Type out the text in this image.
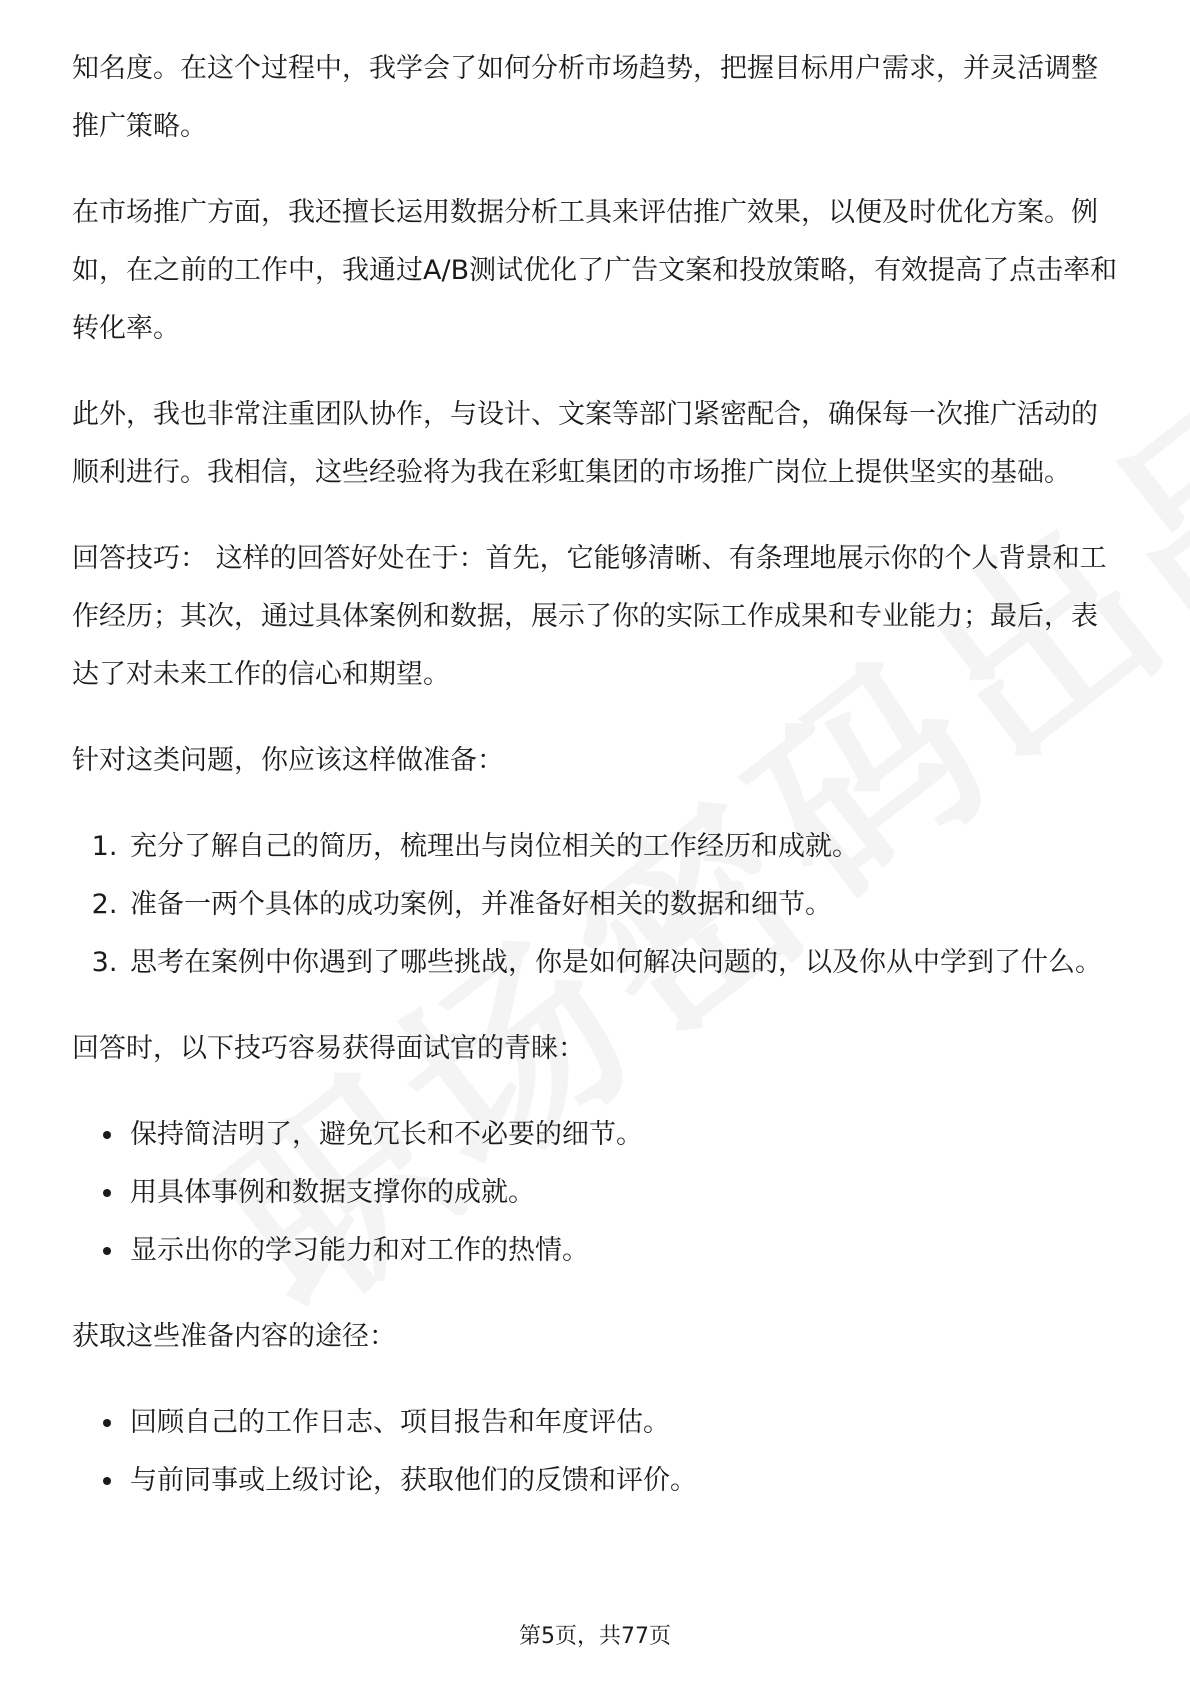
知名度。在这个过程中，我学会了如何分析市场趋势，把握目标用户需求，并灵活调整推广策略。

在市场推广方面，我还擅长运用数据分析工具来评估推广效果，以便及时优化方案。例如，在之前的工作中，我通过A/B测试优化了广告文案和投放策略，有效提高了点击率和转化率。

此外，我也非常注重团队协作，与设计、文案等部门紧密配合，确保每一次推广活动的顺利进行。我相信，这些经验将为我在彩虹集团的市场推广岗位上提供坚实的基础。

回答技巧： 这样的回答好处在于：首先，它能够清晰、有条理地展示你的个人背景和工作经历；其次，通过具体案例和数据，展示了你的实际工作成果和专业能力；最后，表达了对未来工作的信心和期望。

针对这类问题，你应该这样做准备：

1. 充分了解自己的简历，梳理出与岗位相关的工作经历和成就。
2. 准备一两个具体的成功案例，并准备好相关的数据和细节。
3. 思考在案例中你遇到了哪些挑战，你是如何解决问题的，以及你从中学到了什么。

回答时，以下技巧容易获得面试官的青睐：

• 保持简洁明了，避免冗长和不必要的细节。
• 用具体事例和数据支撑你的成就。
• 显示出你的学习能力和对工作的热情。

获取这些准备内容的途径：

• 回顾自己的工作日志、项目报告和年度评估。
• 与前同事或上级讨论，获取他们的反馈和评价。
第5页，共77页
